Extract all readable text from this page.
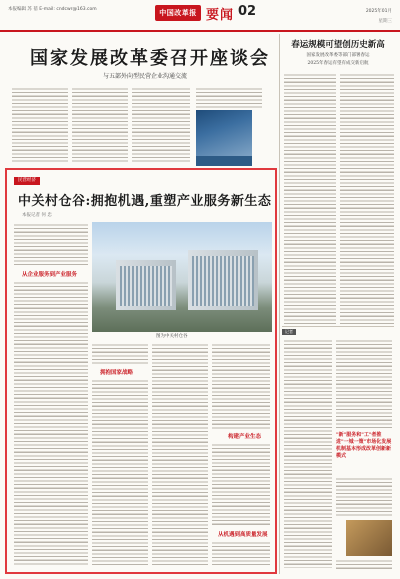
本报编辑 苏 蓓 E-mail: cndcwr@163.com	中国改革报 要闻 02	2025年01月
星期三
国家发展改革委召开座谈会
与五部外向型民营企业沟通交流
民营经济
中关村仓谷:拥抱机遇,重塑产业服务新生态
本报记者 何 忠
从企业服务到产业服务
图为中关村仓谷
拥抱国家战略
构建产业生态
从机遇到高质量发展
春运规模可望创历史新高
国家发展改革委等部门部署春运
2025年春运有望有成交新启航
记者
"新"服务和"工"者推进"一城一策"市场化发展机制基本形成改革创新新模式
